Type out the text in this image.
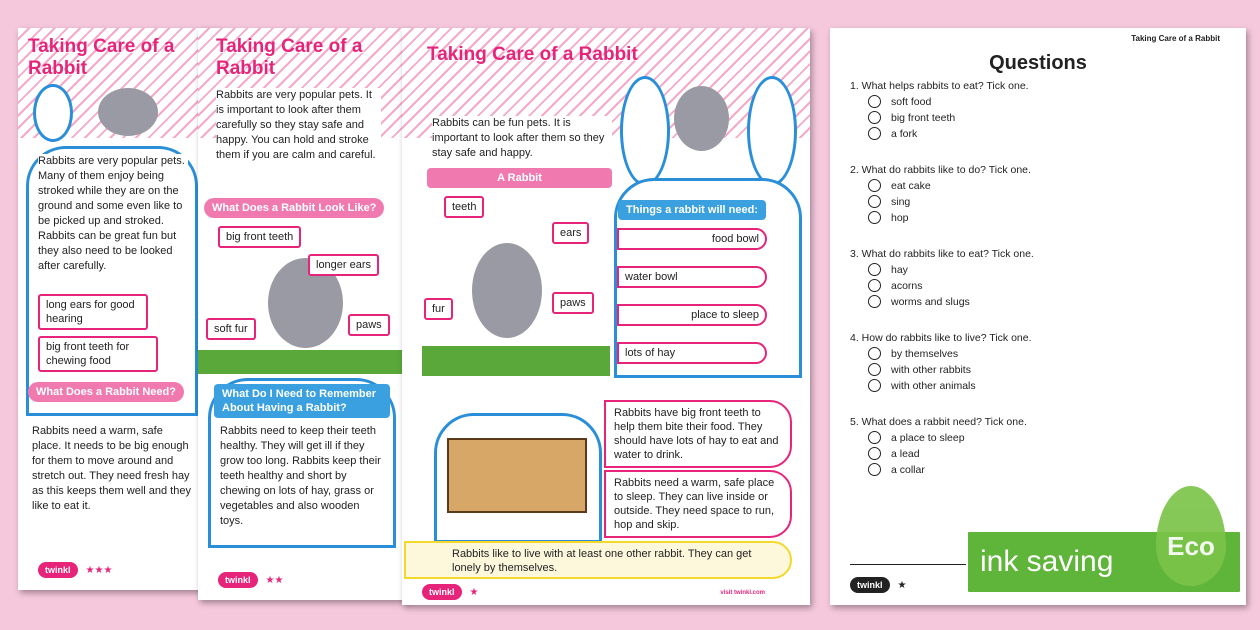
Taking Care of a Rabbit
Rabbits are very popular pets. Many of them enjoy being stroked while they are on the ground and some even like to be picked up and stroked. Rabbits can be great fun but they also need to be looked after carefully.
long ears for good hearing
big front teeth for chewing food
What Does a Rabbit Need?
Rabbits need a warm, safe place. It needs to be big enough for them to move around and stretch out. They need fresh hay as this keeps them well and they like to eat it.
twinkl	★★★
Taking Care of a Rabbit
Rabbits are very popular pets. It is important to look after them carefully so they stay safe and happy. You can hold and stroke them if you are calm and careful.
What Does a Rabbit Look Like?
big front teeth
longer ears
soft fur	paws
What Do I Need to Remember About Having a Rabbit?
Rabbits need to keep their teeth healthy. They will get ill if they grow too long. Rabbits keep their teeth healthy and short by chewing on lots of hay, grass or vegetables and also wooden toys.
twinkl	★★
Taking Care of a Rabbit
Rabbits can be fun pets. It is important to look after them so they stay safe and happy.
A Rabbit
teeth
ears
fur	paws
Things a rabbit will need:
food bowl
water bowl
place to sleep
lots of hay
Rabbits have big front teeth to help them bite their food. They should have lots of hay to eat and water to drink.
Rabbits need a warm, safe place to sleep. They can live inside or outside. They need space to run, hop and skip.
Rabbits like to live with at least one other rabbit. They can get lonely by themselves.
twinkl	★	visit twinkl.com
Taking Care of a Rabbit
Questions
1. What helps rabbits to eat? Tick one.
soft food
big front teeth
a fork
2. What do rabbits like to do? Tick one.
eat cake
sing
hop
3. What do rabbits like to eat? Tick one.
hay
acorns
worms and slugs
4. How do rabbits like to live? Tick one.
by themselves
with other rabbits
with other animals
5. What does a rabbit need? Tick one.
a place to sleep
a lead
a collar
twinkl	★
ink saving Eco
